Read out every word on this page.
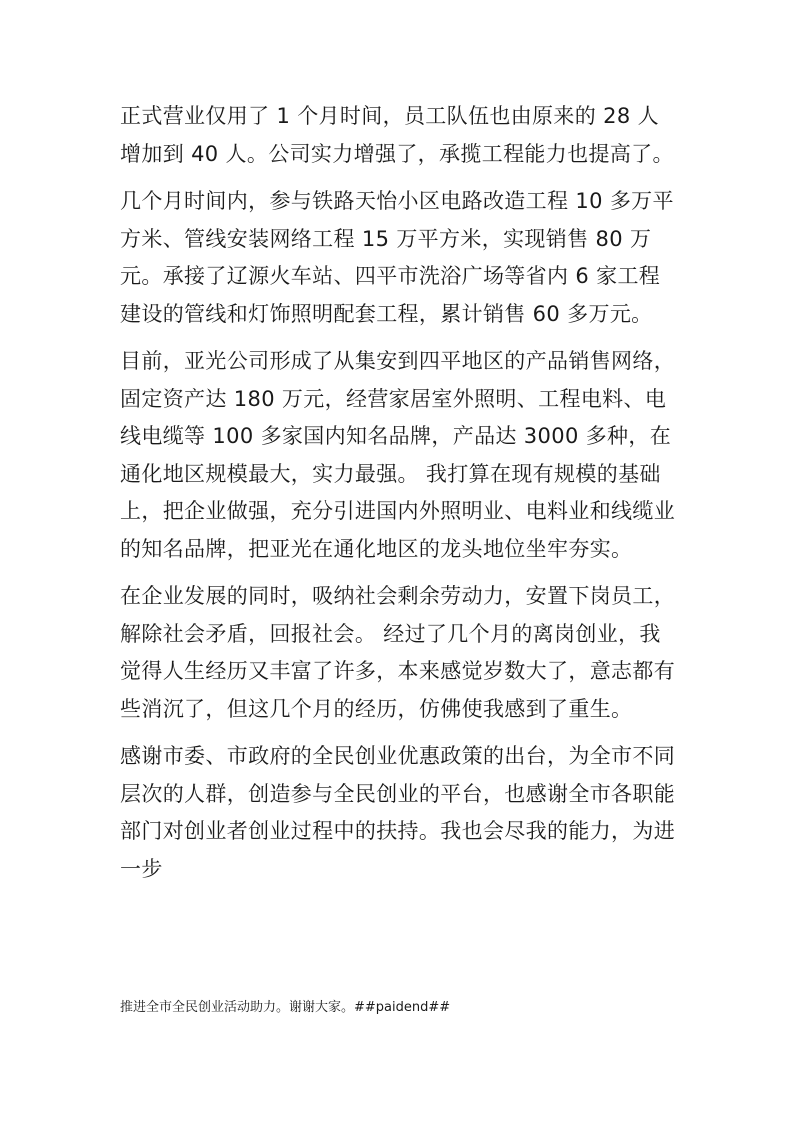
正式营业仅用了 1 个月时间，员工队伍也由原来的 28 人增加到 40 人。公司实力增强了，承揽工程能力也提高了。

几个月时间内，参与铁路天怡小区电路改造工程 10 多万平方米、管线安装网络工程 15 万平方米，实现销售 80 万元。承接了辽源火车站、四平市洗浴广场等省内 6 家工程建设的管线和灯饰照明配套工程，累计销售 60 多万元。

目前，亚光公司形成了从集安到四平地区的产品销售网络，固定资产达 180 万元，经营家居室外照明、工程电料、电线电缆等 100 多家国内知名品牌，产品达 3000 多种，在通化地区规模最大，实力最强。 我打算在现有规模的基础上，把企业做强，充分引进国内外照明业、电料业和线缆业的知名品牌，把亚光在通化地区的龙头地位坐牢夯实。

在企业发展的同时，吸纳社会剩余劳动力，安置下岗员工，解除社会矛盾，回报社会。 经过了几个月的离岗创业，我觉得人生经历又丰富了许多，本来感觉岁数大了，意志都有些消沉了，但这几个月的经历，仿佛使我感到了重生。

感谢市委、市政府的全民创业优惠政策的出台，为全市不同层次的人群，创造参与全民创业的平台，也感谢全市各职能部门对创业者创业过程中的扶持。我也会尽我的能力，为进一步

推进全市全民创业活动助力。谢谢大家。##paidend##
